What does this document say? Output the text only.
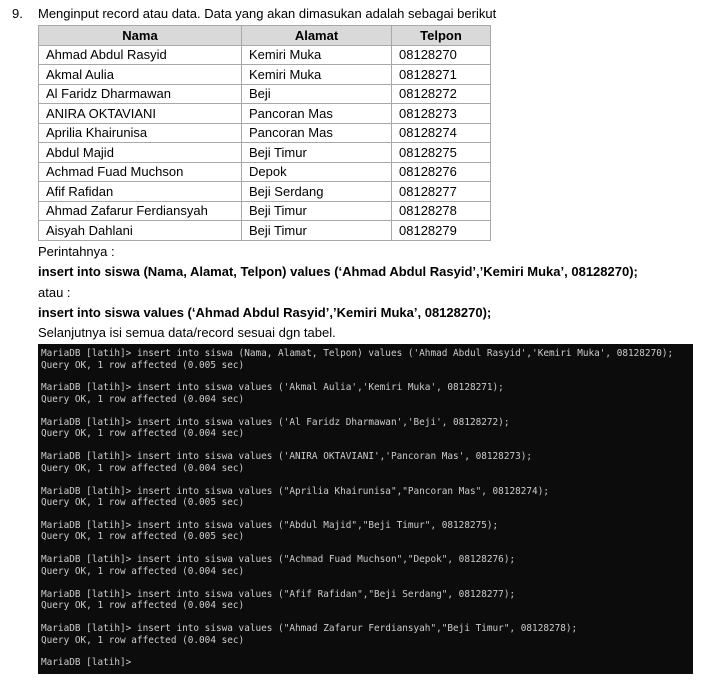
9. Menginput record atau data. Data yang akan dimasukan adalah sebagai berikut
Nama	Alamat	Telpon
Ahmad Abdul Rasyid	Kemiri Muka	08128270
Akmal Aulia	Kemiri Muka	08128271
Al Faridz Dharmawan	Beji	08128272
ANIRA OKTAVIANI	Pancoran Mas	08128273
Aprilia Khairunisa	Pancoran Mas	08128274
Abdul Majid	Beji Timur	08128275
Achmad Fuad Muchson	Depok	08128276
Afif Rafidan	Beji Serdang	08128277
Ahmad Zafarur Ferdiansyah	Beji Timur	08128278
Aisyah Dahlani	Beji Timur	08128279
Perintahnya :
insert into siswa (Nama, Alamat, Telpon) values (‘Ahmad Abdul Rasyid’,’Kemiri Muka’, 08128270);
atau :
insert into siswa values (‘Ahmad Abdul Rasyid’,’Kemiri Muka’, 08128270);
Selanjutnya isi semua data/record sesuai dgn tabel.
MariaDB [latih]> insert into siswa (Nama, Alamat, Telpon) values ('Ahmad Abdul Rasyid','Kemiri Muka', 08128270);
Query OK, 1 row affected (0.005 sec)
MariaDB [latih]> insert into siswa values ('Akmal Aulia','Kemiri Muka', 08128271);
Query OK, 1 row affected (0.004 sec)
MariaDB [latih]> insert into siswa values ('Al Faridz Dharmawan','Beji', 08128272);
Query OK, 1 row affected (0.004 sec)
MariaDB [latih]> insert into siswa values ('ANIRA OKTAVIANI','Pancoran Mas', 08128273);
Query OK, 1 row affected (0.004 sec)
MariaDB [latih]> insert into siswa values ("Aprilia Khairunisa","Pancoran Mas", 08128274);
Query OK, 1 row affected (0.005 sec)
MariaDB [latih]> insert into siswa values ("Abdul Majid","Beji Timur", 08128275);
Query OK, 1 row affected (0.005 sec)
MariaDB [latih]> insert into siswa values ("Achmad Fuad Muchson","Depok", 08128276);
Query OK, 1 row affected (0.004 sec)
MariaDB [latih]> insert into siswa values ("Afif Rafidan","Beji Serdang", 08128277);
Query OK, 1 row affected (0.004 sec)
MariaDB [latih]> insert into siswa values ("Ahmad Zafarur Ferdiansyah","Beji Timur", 08128278);
Query OK, 1 row affected (0.004 sec)
MariaDB [latih]>
